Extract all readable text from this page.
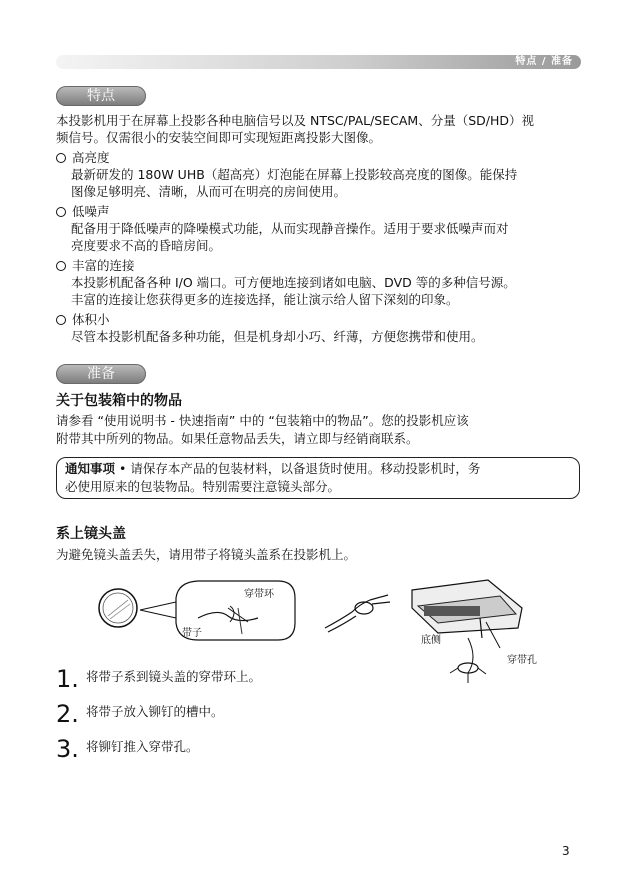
特点 / 准备
特点
本投影机用于在屏幕上投影各种电脑信号以及 NTSC/PAL/SECAM、分量（SD/HD）视
频信号。仅需很小的安装空间即可实现短距离投影大图像。
高亮度
最新研发的 180W UHB（超高亮）灯泡能在屏幕上投影较高亮度的图像。能保持
图像足够明亮、清晰，从而可在明亮的房间使用。
低噪声
配备用于降低噪声的降噪模式功能，从而实现静音操作。适用于要求低噪声而对
亮度要求不高的昏暗房间。
丰富的连接
本投影机配备各种 I/O 端口。可方便地连接到诸如电脑、DVD 等的多种信号源。
丰富的连接让您获得更多的连接选择，能让演示给人留下深刻的印象。
体积小
尽管本投影机配备多种功能，但是机身却小巧、纤薄，方便您携带和使用。
准备
关于包装箱中的物品
请参看 “使用说明书 - 快速指南” 中的 “包装箱中的物品”。您的投影机应该
附带其中所列的物品。如果任意物品丢失，请立即与经销商联系。
通知事项 • 请保存本产品的包装材料，以备退货时使用。移动投影机时，务
必使用原来的包装物品。特别需要注意镜头部分。
系上镜头盖
为避免镜头盖丢失，请用带子将镜头盖系在投影机上。
穿带环
带子
底侧
穿带孔
1. 将带子系到镜头盖的穿带环上。
2. 将带子放入铆钉的槽中。
3. 将铆钉推入穿带孔。
3
